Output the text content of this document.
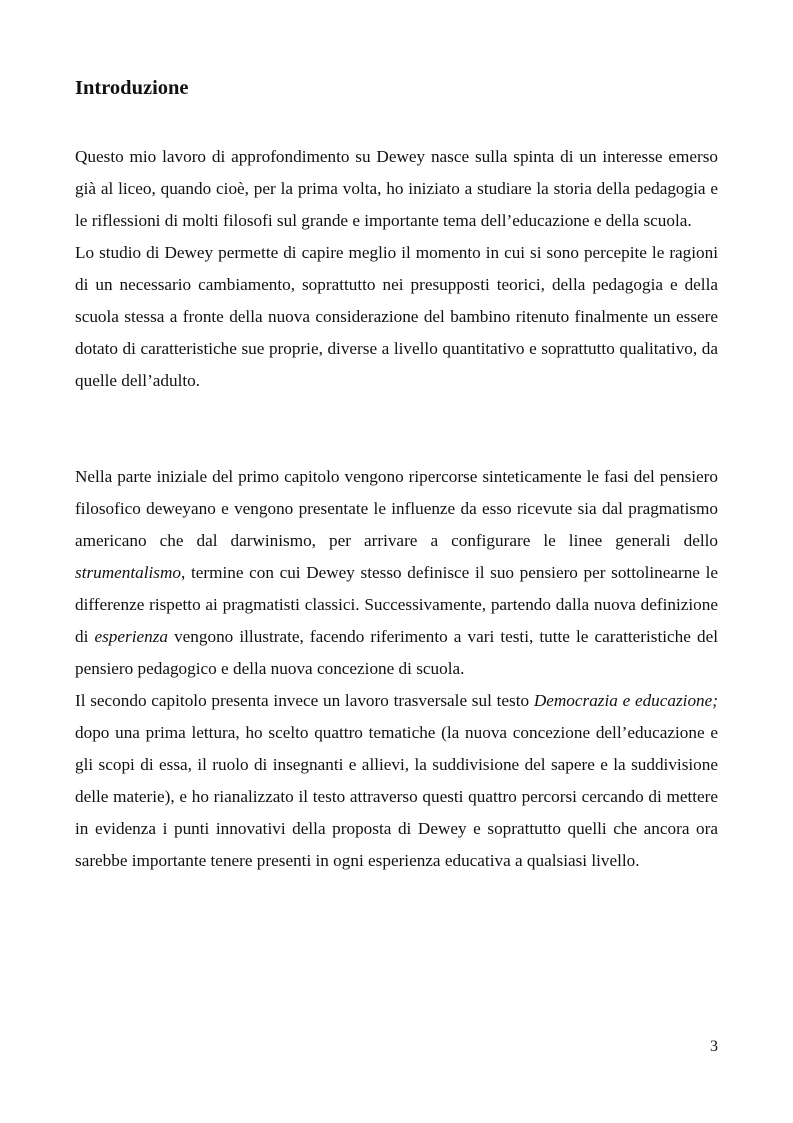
Introduzione

Questo mio lavoro di approfondimento su Dewey nasce sulla spinta di un interesse emerso già al liceo, quando cioè, per la prima volta, ho iniziato a studiare la storia della pedagogia e le riflessioni di molti filosofi sul grande e importante tema dell’educazione e della scuola.

Lo studio di Dewey permette di capire meglio il momento in cui si sono percepite le ragioni di un necessario cambiamento, soprattutto nei presupposti teorici, della pedagogia e della scuola stessa a fronte della nuova considerazione del bambino ritenuto finalmente un essere dotato di caratteristiche sue proprie, diverse a livello quantitativo e soprattutto qualitativo, da quelle dell’adulto.

Nella parte iniziale del primo capitolo vengono ripercorse sinteticamente le fasi del pensiero filosofico deweyano e vengono presentate le influenze da esso ricevute sia dal pragmatismo americano che dal darwinismo, per arrivare a configurare le linee generali dello strumentalismo, termine con cui Dewey stesso definisce il suo pensiero per sottolinearne le differenze rispetto ai pragmatisti classici. Successivamente, partendo dalla nuova definizione di esperienza vengono illustrate, facendo riferimento a vari testi, tutte le caratteristiche del pensiero pedagogico e della nuova concezione di scuola.

Il secondo capitolo presenta invece un lavoro trasversale sul testo Democrazia e educazione; dopo una prima lettura, ho scelto quattro tematiche (la nuova concezione dell’educazione e gli scopi di essa, il ruolo di insegnanti e allievi, la suddivisione del sapere e la suddivisione delle materie), e ho rianalizzato il testo attraverso questi quattro percorsi cercando di mettere in evidenza i punti innovativi della proposta di Dewey e soprattutto quelli che ancora ora sarebbe importante tenere presenti in ogni esperienza educativa a qualsiasi livello.

3
